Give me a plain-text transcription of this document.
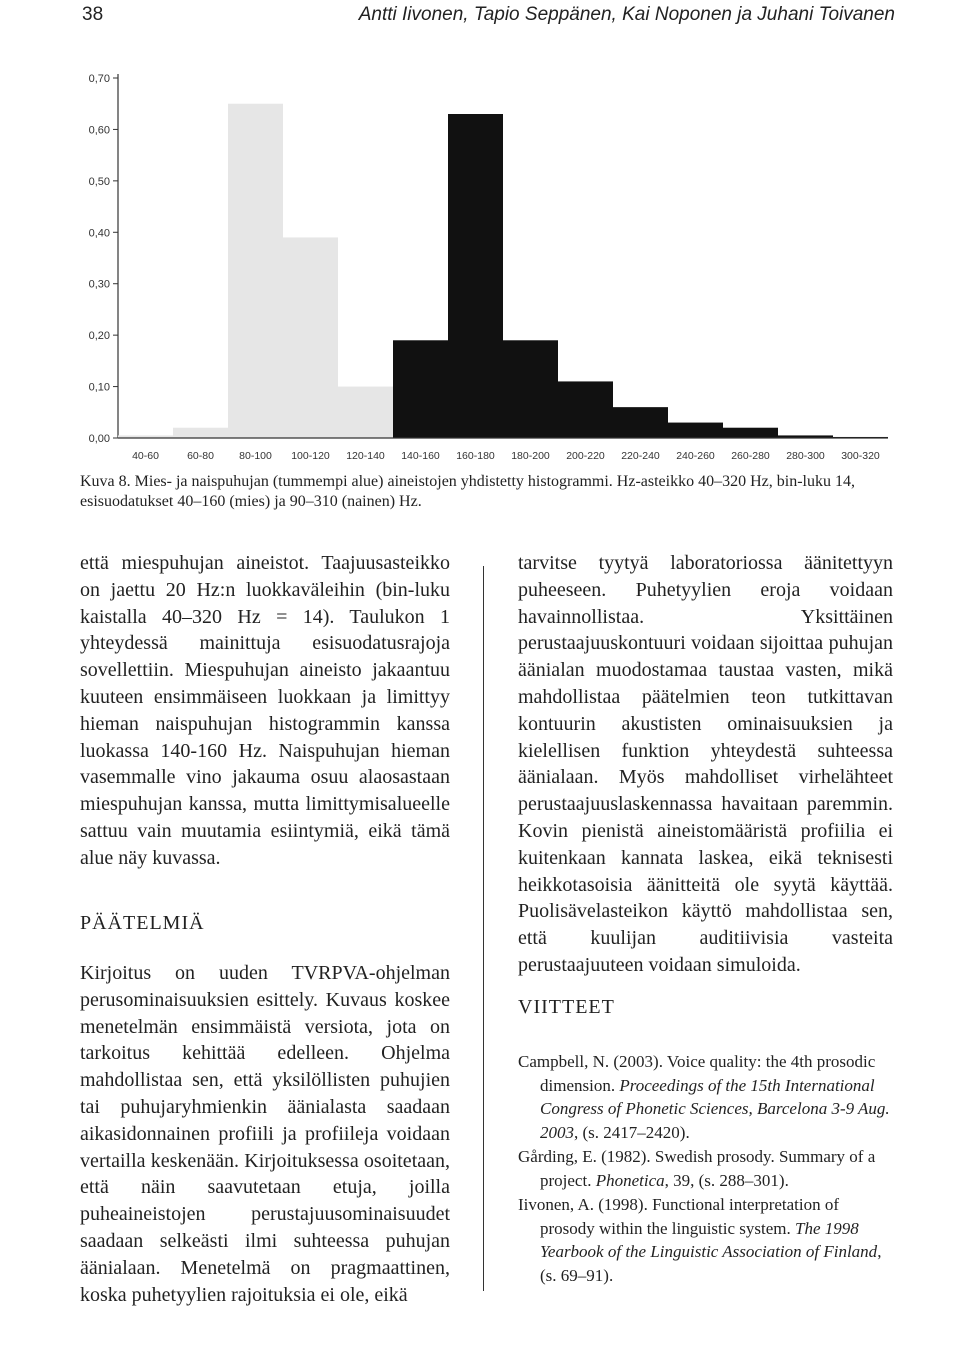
38	Antti Iivonen, Tapio Seppänen, Kai Noponen ja Juhani Toivanen
0,00
0,10
0,20
0,30
0,40
0,50
0,60
0,70
40-60	60-80 80-100 100-120 120-140 140-160 160-180 180-200 200-220 220-240 240-260 260-280 280-300 300-320
Kuva 8. Mies- ja naispuhujan (tummempi alue) aineistojen yhdistetty histogrammi. Hz-asteikko 40–320 Hz, bin-luku 14, esisuodatukset 40–160 (mies) ja 90–310 (nainen) Hz.

että miespuhujan aineistot. Taajuusasteikko on jaettu 20 Hz:n luokkaväleihin (bin-luku kaistalla 40–320 Hz = 14). Taulukon 1 yhteydessä mainittuja esisuodatusrajoja sovellettiin. Miespuhujan aineisto jakaantuu kuuteen ensimmäiseen luokkaan ja limittyy hieman naispuhujan histogrammin kanssa luokassa 140-160 Hz. Naispuhujan hieman vasemmalle vino jakauma osuu alaosastaan miespuhujan kanssa, mutta limittymisalueelle sattuu vain muutamia esiintymiä, eikä tämä alue näy kuvassa.

PÄÄTELMIÄ
Kirjoitus on uuden TVRPVA-ohjelman perusominaisuuksien esittely. Kuvaus koskee menetelmän ensimmäistä versiota, jota on tarkoitus kehittää edelleen. Ohjelma mahdollistaa sen, että yksilöllisten puhujien tai puhujaryhmienkin äänialasta saadaan aikasidonnainen profiili ja profiileja voidaan vertailla keskenään. Kirjoituksessa osoitetaan, että näin saavutetaan etuja, joilla puheaineistojen perustajuusominaisuudet saadaan selkeästi ilmi suhteessa puhujan äänialaan. Menetelmä on pragmaattinen, koska puhetyylien rajoituksia ei ole, eikä

tarvitse tyytyä laboratoriossa äänitettyyn puheeseen. Puhetyylien eroja voidaan havainnollistaa. Yksittäinen perustaajuuskontuuri voidaan sijoittaa puhujan äänialan muodostamaa taustaa vasten, mikä mahdollistaa päätelmien teon tutkittavan kontuurin akustisten ominaisuuksien ja kielellisen funktion yhteydestä suhteessa äänialaan. Myös mahdolliset virhelähteet perustaajuuslaskennassa havaitaan paremmin. Kovin pienistä aineistomääristä profiilia ei kuitenkaan kannata laskea, eikä teknisesti heikkotasoisia äänitteitä ole syytä käyttää. Puolisävelasteikon käyttö mahdollistaa sen, että kuulijan auditiivisia vasteita perustaajuuteen voidaan simuloida.

VIITTEET

Campbell, N. (2003). Voice quality: the 4th prosodic dimension. Proceedings of the 15th International Congress of Phonetic Sciences, Barcelona 3-9 Aug. 2003, (s. 2417–2420).

Gårding, E. (1982). Swedish prosody. Summary of a project. Phonetica, 39, (s. 288–301).

Iivonen, A. (1998). Functional interpretation of prosody within the linguistic system. The 1998 Yearbook of the Linguistic Association of Finland, (s. 69–91).
